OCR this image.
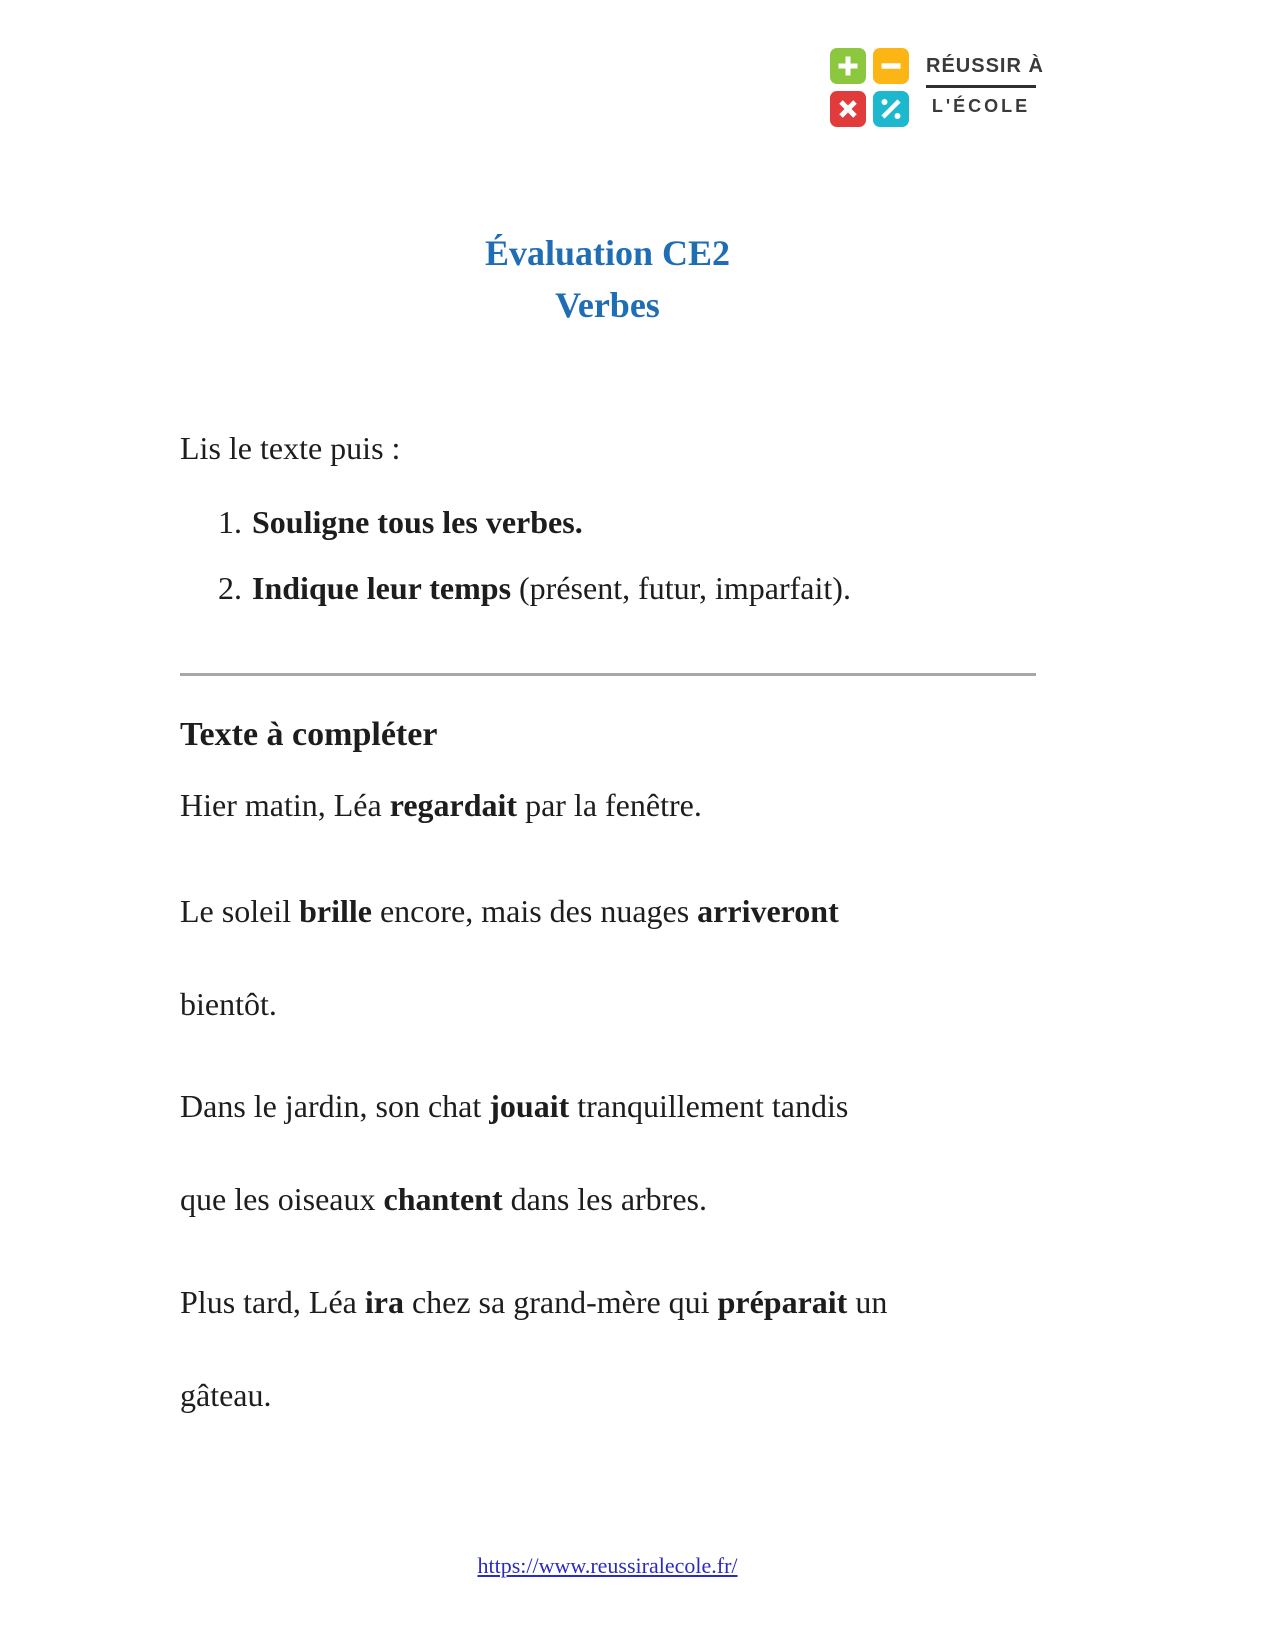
RÉUSSIR À
L'ÉCOLE
Évaluation CE2
Verbes

Lis le texte puis :

1. Souligne tous les verbes.
2. Indique leur temps (présent, futur, imparfait).
Texte à compléter
Hier matin, Léa regardait par la fenêtre.
Le soleil brille encore, mais des nuages arriveront
bientôt.
Dans le jardin, son chat jouait tranquillement tandis
que les oiseaux chantent dans les arbres.
Plus tard, Léa ira chez sa grand-mère qui préparait un
gâteau.
https://www.reussiralecole.fr/
